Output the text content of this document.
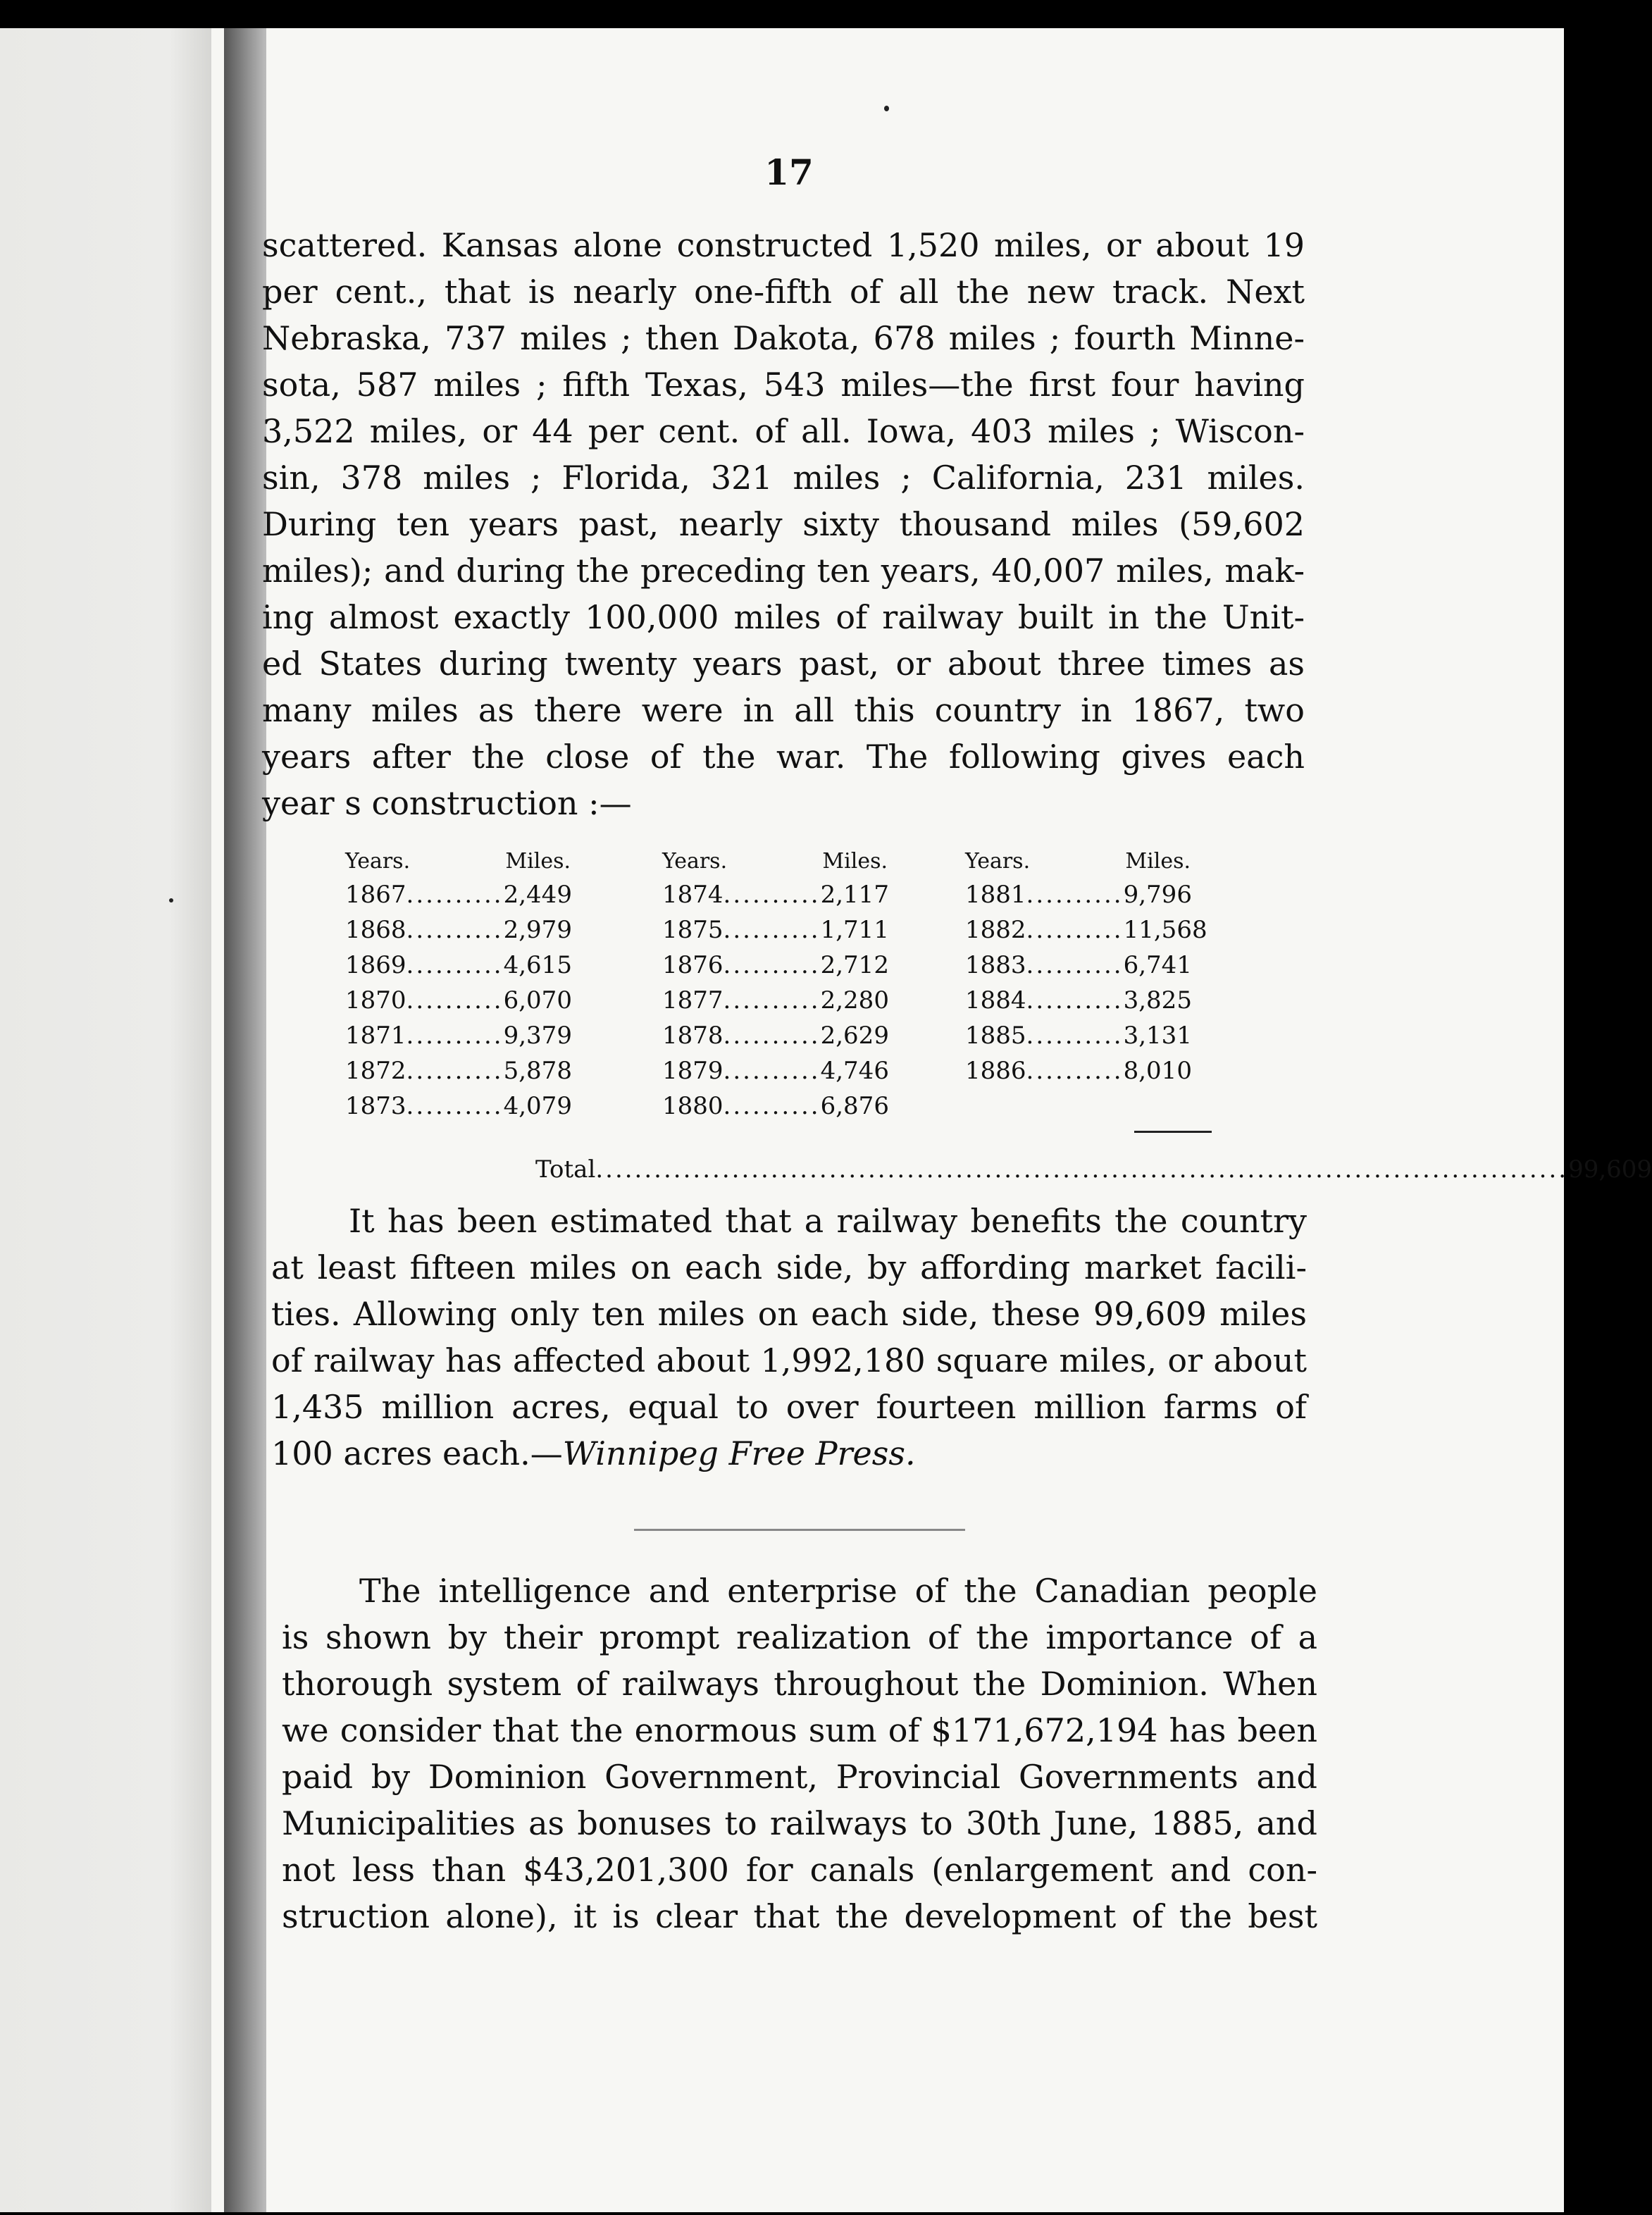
17
scattered. Kansas alone constructed 1,520 miles, or about 19
per cent., that is nearly one-fifth of all the new track. Next
Nebraska, 737 miles ; then Dakota, 678 miles ; fourth Minne-
sota, 587 miles ; fifth Texas, 543 miles—the first four having
3,522 miles, or 44 per cent. of all. Iowa, 403 miles ; Wiscon-
sin, 378 miles ; Florida, 321 miles ; California, 231 miles.
During ten years past, nearly sixty thousand miles (59,602
miles); and during the preceding ten years, 40,007 miles, mak-
ing almost exactly 100,000 miles of railway built in the Unit-
ed States during twenty years past, or about three times as
many miles as there were in all this country in 1867, two
years after the close of the war. The following gives each
year s construction :—
Years.	Miles.
1867 .......... 2,449
1868 .......... 2,979
1869 .......... 4,615
1870 .......... 6,070
1871 .......... 9,379
1872 .......... 5,878
1873 .......... 4,079
Years.	Miles.
1874 .......... 2,117
1875 .......... 1,711
1876 .......... 2,712
1877 .......... 2,280
1878 .......... 2,629
1879 .......... 4,746
1880 .......... 6,876
Years.	Miles.
1881 .......... 9,796
1882 .......... 11,568
1883 .......... 6,741
1884 .......... 3,825
1885 .......... 3,131
1886 .......... 8,010
Total .................................................................................................... 99,609
It has been estimated that a railway benefits the country
at least fifteen miles on each side, by affording market facili-
ties. Allowing only ten miles on each side, these 99,609 miles
of railway has affected about 1,992,180 square miles, or about
1,435 million acres, equal to over fourteen million farms of
100 acres each.—Winnipeg Free Press.
The intelligence and enterprise of the Canadian people
is shown by their prompt realization of the importance of a
thorough system of railways throughout the Dominion. When
we consider that the enormous sum of $171,672,194 has been
paid by Dominion Government, Provincial Governments and
Municipalities as bonuses to railways to 30th June, 1885, and
not less than $43,201,300 for canals (enlargement and con-
struction alone), it is clear that the development of the best
